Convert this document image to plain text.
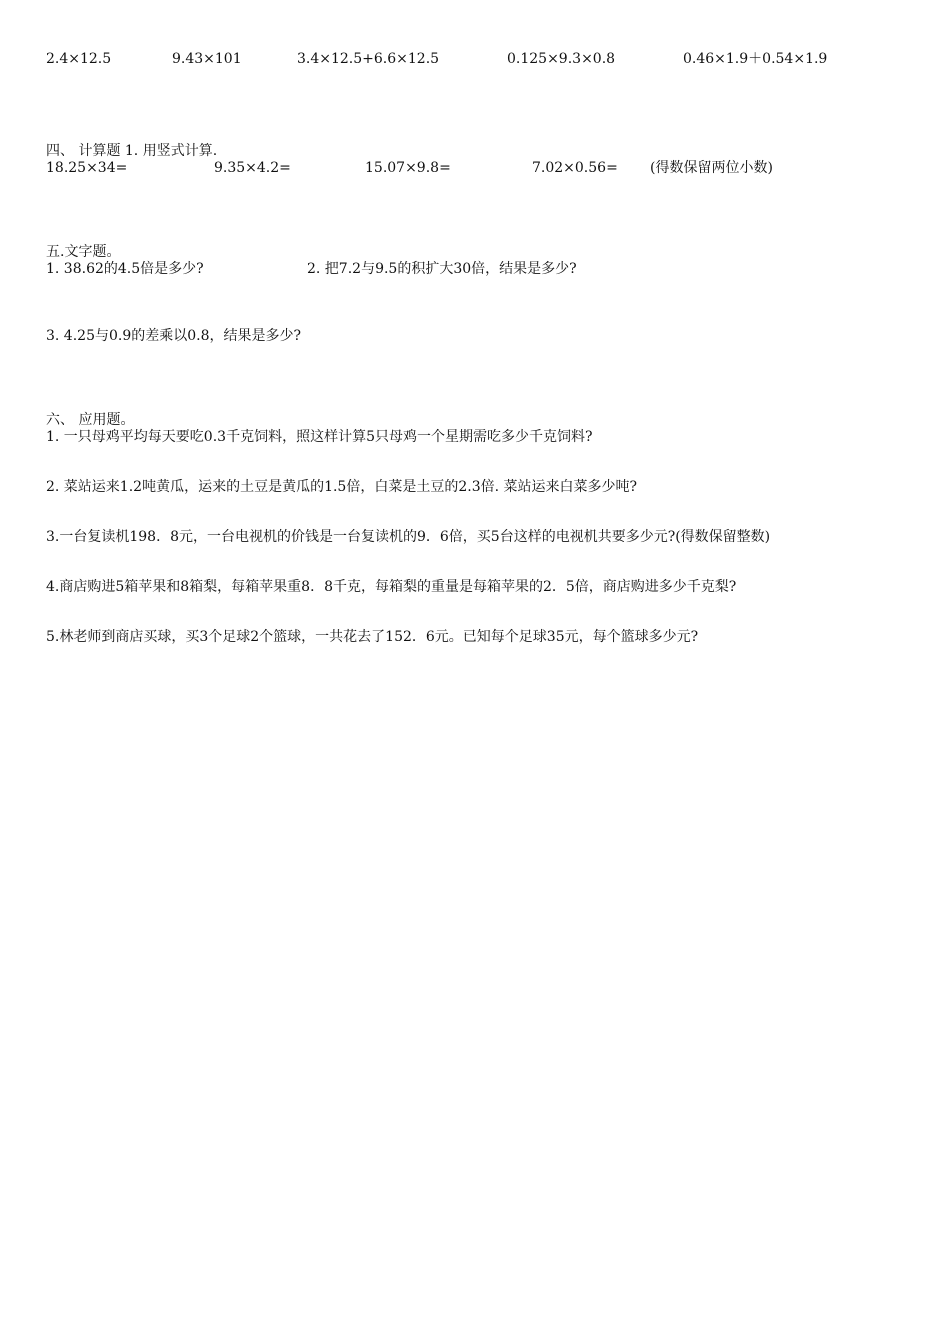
2.4×12.5	9.43×101	3.4×12.5+6.6×12.5	0.125×9.3×0.8	0.46×1.9＋0.54×1.9
四、 计算题 1. 用竖式计算.
18.25×34=	9.35×4.2=	15.07×9.8=	7.02×0.56= (得数保留两位小数)
五.文字题。
1. 38.62的4.5倍是多少?	2. 把7.2与9.5的积扩大30倍，结果是多少?
3. 4.25与0.9的差乘以0.8，结果是多少?
六、 应用题。
1. 一只母鸡平均每天要吃0.3千克饲料，照这样计算5只母鸡一个星期需吃多少千克饲料?
2. 菜站运来1.2吨黄瓜，运来的土豆是黄瓜的1.5倍，白菜是土豆的2.3倍. 菜站运来白菜多少吨?
3.一台复读机198．8元，一台电视机的价钱是一台复读机的9．6倍，买5台这样的电视机共要多少元?(得数保留整数)
4.商店购进5箱苹果和8箱梨，每箱苹果重8．8千克，每箱梨的重量是每箱苹果的2．5倍，商店购进多少千克梨?
5.林老师到商店买球，买3个足球2个篮球，一共花去了152．6元。已知每个足球35元，每个篮球多少元?
